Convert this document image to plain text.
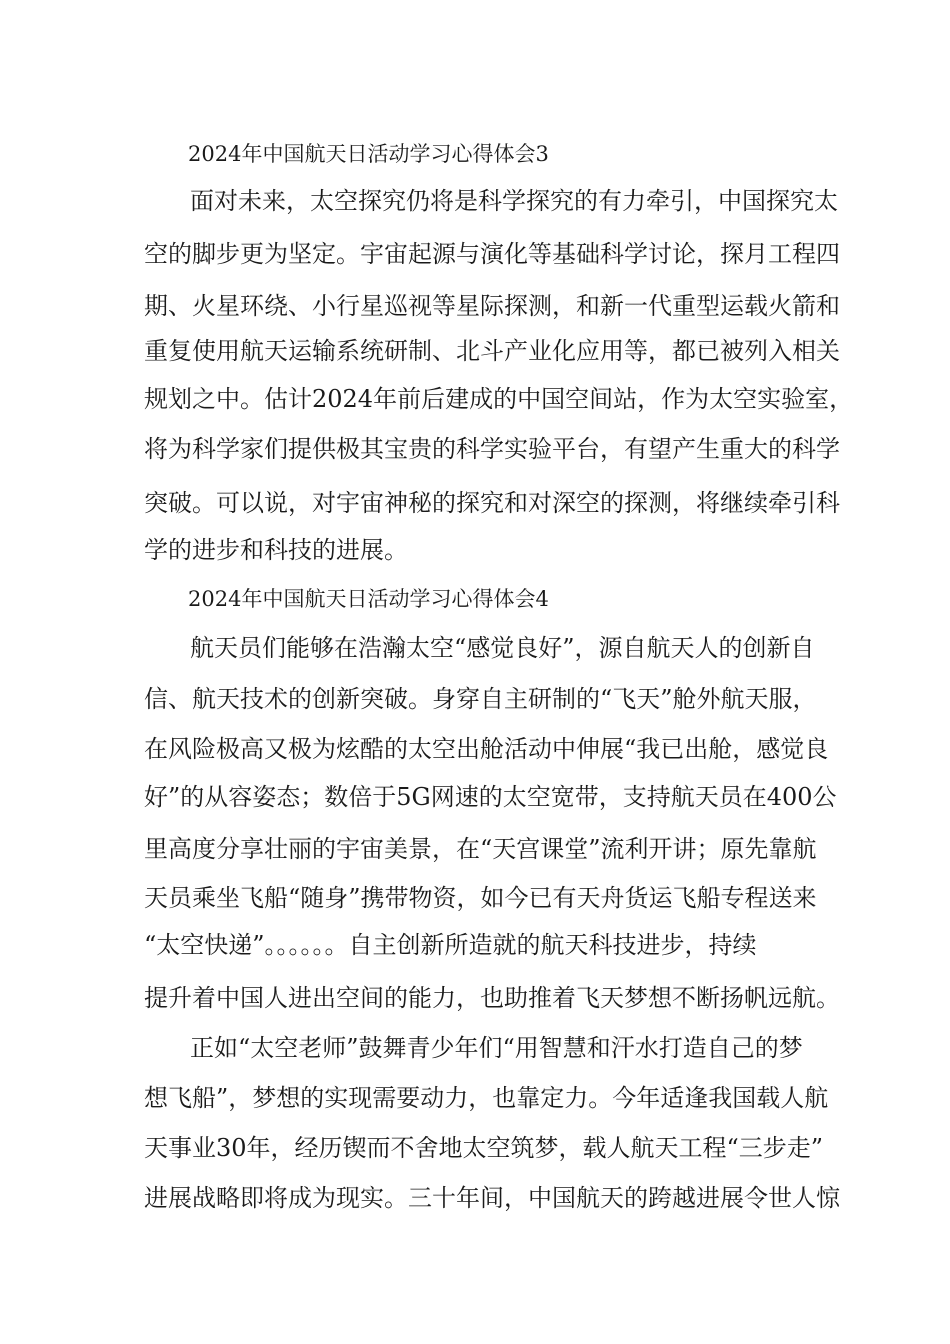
2024年中国航天日活动学习心得体会3
面对未来，太空探究仍将是科学探究的有力牵引，中国探究太
空的脚步更为坚定。宇宙起源与演化等基础科学讨论，探月工程四
期、火星环绕、小行星巡视等星际探测，和新一代重型运载火箭和
重复使用航天运输系统研制、北斗产业化应用等，都已被列入相关
规划之中。估计2024年前后建成的中国空间站，作为太空实验室，
将为科学家们提供极其宝贵的科学实验平台，有望产生重大的科学
突破。可以说，对宇宙神秘的探究和对深空的探测，将继续牵引科
学的进步和科技的进展。
2024年中国航天日活动学习心得体会4
航天员们能够在浩瀚太空“感觉良好”，源自航天人的创新自
信、航天技术的创新突破。身穿自主研制的“飞天”舱外航天服，
在风险极高又极为炫酷的太空出舱活动中伸展“我已出舱，感觉良
好”的从容姿态；数倍于5G网速的太空宽带，支持航天员在400公
里高度分享壮丽的宇宙美景，在“天宫课堂”流利开讲；原先靠航
天员乘坐飞船“随身”携带物资，如今已有天舟货运飞船专程送来
“太空快递”。。。。。。自主创新所造就的航天科技进步，持续
提升着中国人进出空间的能力，也助推着飞天梦想不断扬帆远航。
正如“太空老师”鼓舞青少年们“用智慧和汗水打造自己的梦
想飞船”，梦想的实现需要动力，也靠定力。今年适逢我国载人航
天事业30年，经历锲而不舍地太空筑梦，载人航天工程“三步走”
进展战略即将成为现实。三十年间，中国航天的跨越进展令世人惊
